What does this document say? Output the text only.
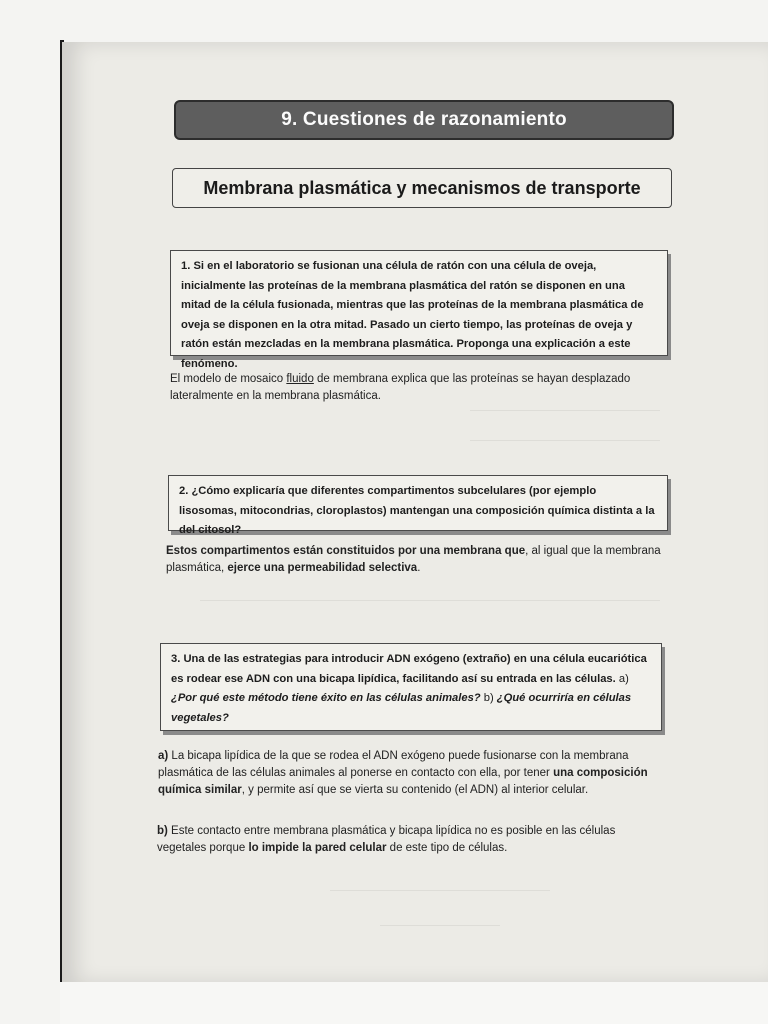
9. Cuestiones de razonamiento
Membrana plasmática y mecanismos de transporte
1. Si en el laboratorio se fusionan una célula de ratón con una célula de oveja, inicialmente las proteínas de la membrana plasmática del ratón se disponen en una mitad de la célula fusionada, mientras que las proteínas de la membrana plasmática de oveja se disponen en la otra mitad. Pasado un cierto tiempo, las proteínas de oveja y ratón están mezcladas en la membrana plasmática. Proponga una explicación a este fenómeno.
El modelo de mosaico fluido de membrana explica que las proteínas se hayan desplazado lateralmente en la membrana plasmática.
2. ¿Cómo explicaría que diferentes compartimentos subcelulares (por ejemplo lisosomas, mitocondrias, cloroplastos) mantengan una composición química distinta a la del citosol?
Estos compartimentos están constituidos por una membrana que, al igual que la membrana plasmática, ejerce una permeabilidad selectiva.
3. Una de las estrategias para introducir ADN exógeno (extraño) en una célula eucariótica es rodear ese ADN con una bicapa lipídica, facilitando así su entrada en las células. a) ¿Por qué este método tiene éxito en las células animales? b) ¿Qué ocurriría en células vegetales?
a) La bicapa lipídica de la que se rodea el ADN exógeno puede fusionarse con la membrana plasmática de las células animales al ponerse en contacto con ella, por tener una composición química similar, y permite así que se vierta su contenido (el ADN) al interior celular.
b) Este contacto entre membrana plasmática y bicapa lipídica no es posible en las células vegetales porque lo impide la pared celular de este tipo de células.
